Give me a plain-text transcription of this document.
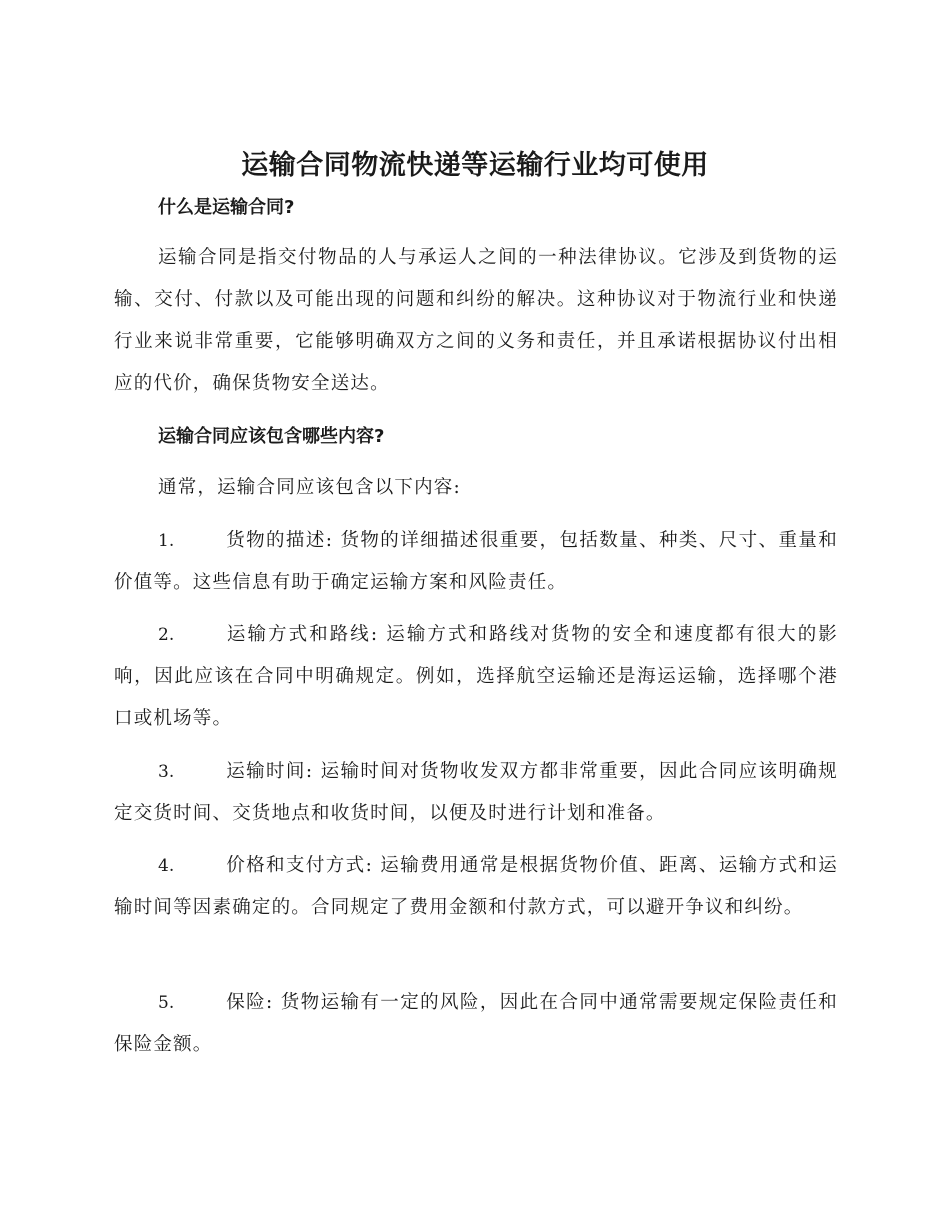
运输合同物流快递等运输行业均可使用
什么是运输合同?

运输合同是指交付物品的人与承运人之间的一种法律协议。它涉及到货物的运输、交付、付款以及可能出现的问题和纠纷的解决。这种协议对于物流行业和快递行业来说非常重要，它能够明确双方之间的义务和责任，并且承诺根据协议付出相应的代价，确保货物安全送达。

运输合同应该包含哪些内容?

通常，运输合同应该包含以下内容:

1.	货物的描述: 货物的详细描述很重要，包括数量、种类、尺寸、重量和价值等。这些信息有助于确定运输方案和风险责任。

2.	运输方式和路线: 运输方式和路线对货物的安全和速度都有很大的影响，因此应该在合同中明确规定。例如，选择航空运输还是海运运输，选择哪个港口或机场等。

3.	运输时间: 运输时间对货物收发双方都非常重要，因此合同应该明确规定交货时间、交货地点和收货时间，以便及时进行计划和准备。

4.	价格和支付方式: 运输费用通常是根据货物价值、距离、运输方式和运输时间等因素确定的。合同规定了费用金额和付款方式，可以避开争议和纠纷。

5.	保险: 货物运输有一定的风险，因此在合同中通常需要规定保险责任和保险金额。
